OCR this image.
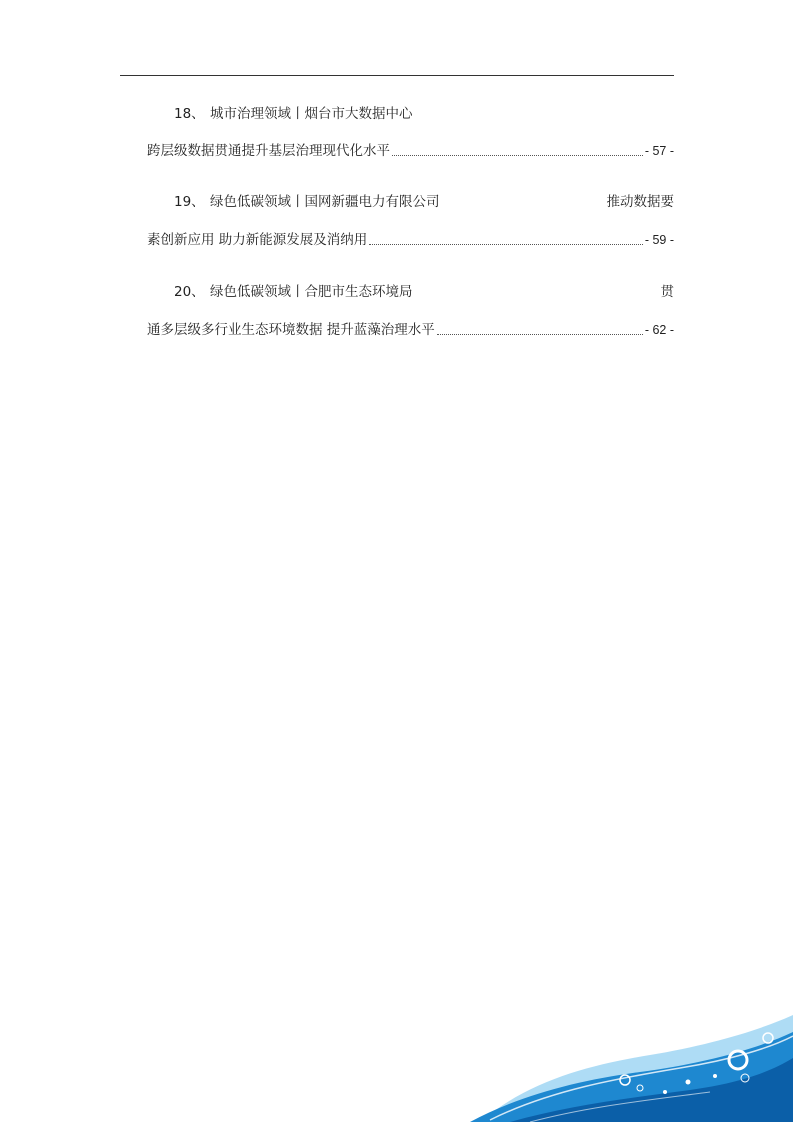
18、 城市治理领域丨烟台市大数据中心
跨层级数据贯通提升基层治理现代化水平	- 57 -
19、 绿色低碳领域丨国网新疆电力有限公司	推动数据要
素创新应用 助力新能源发展及消纳用	- 59 -
20、 绿色低碳领域丨合肥市生态环境局	贯
通多层级多行业生态环境数据 提升蓝藻治理水平	- 62 -
